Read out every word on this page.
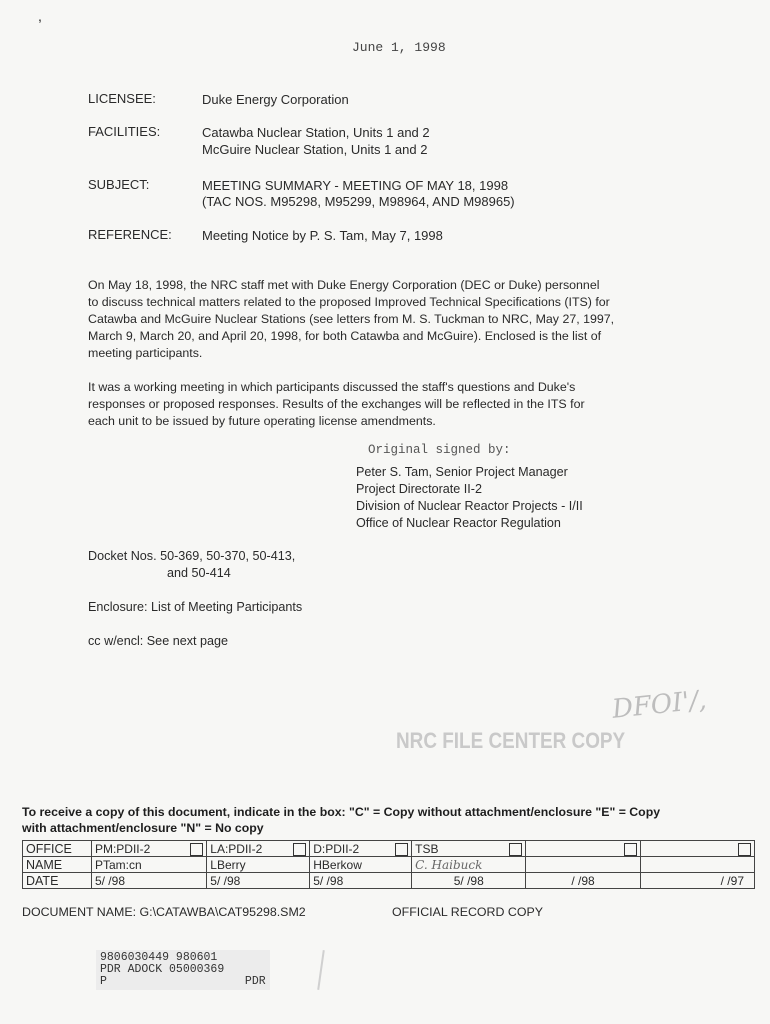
,
June 1, 1998
LICENSEE:	Duke Energy Corporation
FACILITIES:	Catawba Nuclear Station, Units 1 and 2
McGuire Nuclear Station, Units 1 and 2
SUBJECT:	MEETING SUMMARY - MEETING OF MAY 18, 1998
(TAC NOS. M95298, M95299, M98964, AND M98965)
REFERENCE: Meeting Notice by P. S. Tam, May 7, 1998
On May 18, 1998, the NRC staff met with Duke Energy Corporation (DEC or Duke) personnel
to discuss technical matters related to the proposed Improved Technical Specifications (ITS) for
Catawba and McGuire Nuclear Stations (see letters from M. S. Tuckman to NRC, May 27, 1997,
March 9, March 20, and April 20, 1998, for both Catawba and McGuire). Enclosed is the list of
meeting participants.
It was a working meeting in which participants discussed the staff's questions and Duke's
responses or proposed responses. Results of the exchanges will be reflected in the ITS for
each unit to be issued by future operating license amendments.
Original signed by:
Peter S. Tam, Senior Project Manager
Project Directorate II-2
Division of Nuclear Reactor Projects - I/II
Office of Nuclear Reactor Regulation
Docket Nos. 50-369, 50-370, 50-413,
and 50-414
Enclosure: List of Meeting Participants
cc w/encl: See next page
DFOI'/,
NRC FILE CENTER COPY
To receive a copy of this document, indicate in the box: "C" = Copy without attachment/enclosure "E" = Copy
with attachment/enclosure "N" = No copy
OFFICE	PM:PDII-2	LA:PDII-2	D:PDII-2	TSB

NAME	PTam:cn	LBerry	HBerkow	C. Haibuck		
DATE	5/ /98	5/ /98	5/ /98	5/ /98	/ /98	/ /97
DOCUMENT NAME: G:\CATAWBA\CAT95298.SM2	OFFICIAL RECORD COPY
9806030449 980601
PDR ADOCK 05000369
P                    PDR
